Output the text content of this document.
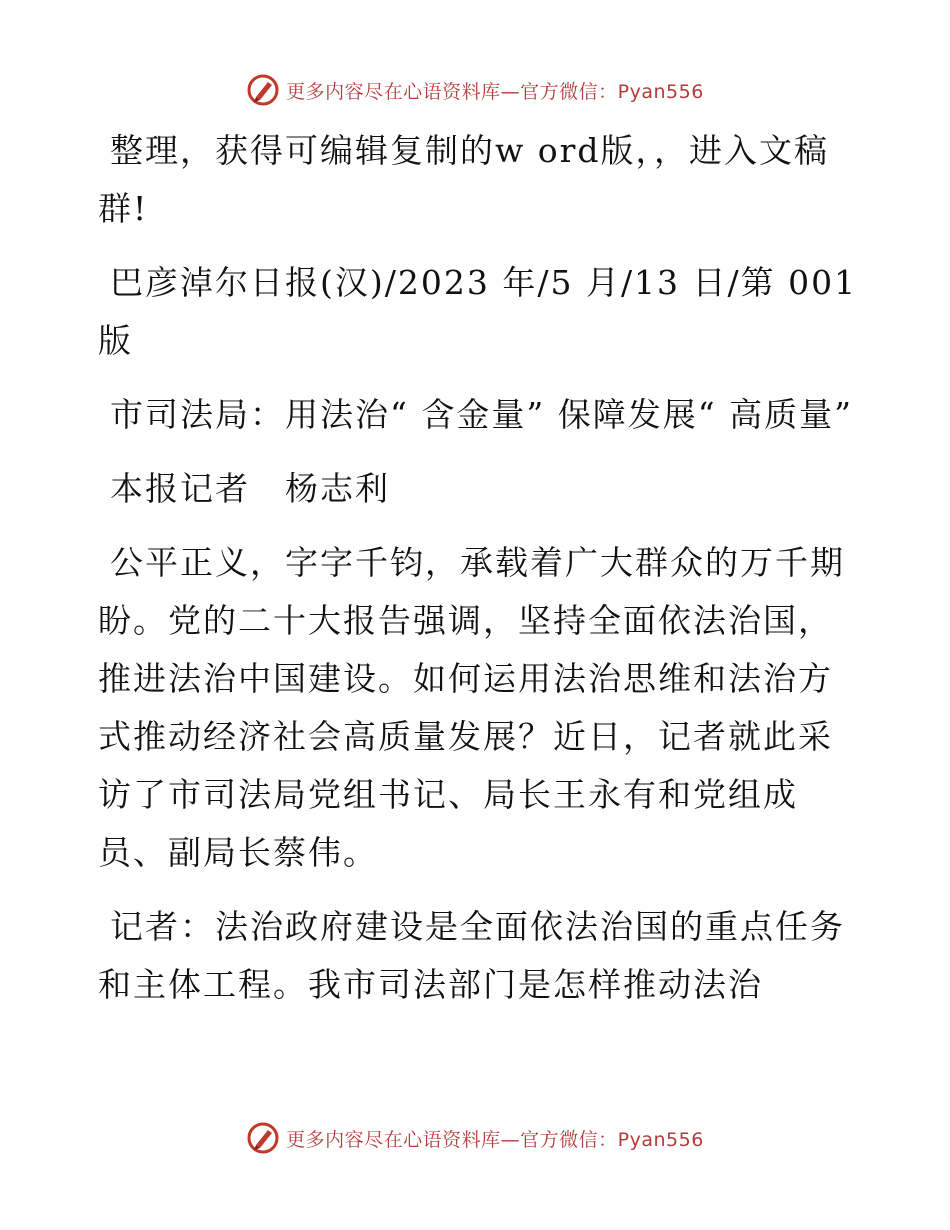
更多内容尽在心语资料库—官方微信：Pyan556

整理，获得可编辑复制的w ord版，，进入文稿群!

巴彦淖尔日报(汉)/2023 年/5 月/13 日/第 001版

市司法局：用法治“ 含金量” 保障发展“ 高质量”

本报记者　杨志利

公平正义，字字千钧，承载着广大群众的万千期盼。党的二十大报告强调，坚持全面依法治国，推进法治中国建设。如何运用法治思维和法治方式推动经济社会高质量发展？近日，记者就此采访了市司法局党组书记、局长王永有和党组成员、副局长蔡伟。

记者：法治政府建设是全面依法治国的重点任务和主体工程。我市司法部门是怎样推动法治

更多内容尽在心语资料库—官方微信：Pyan556
